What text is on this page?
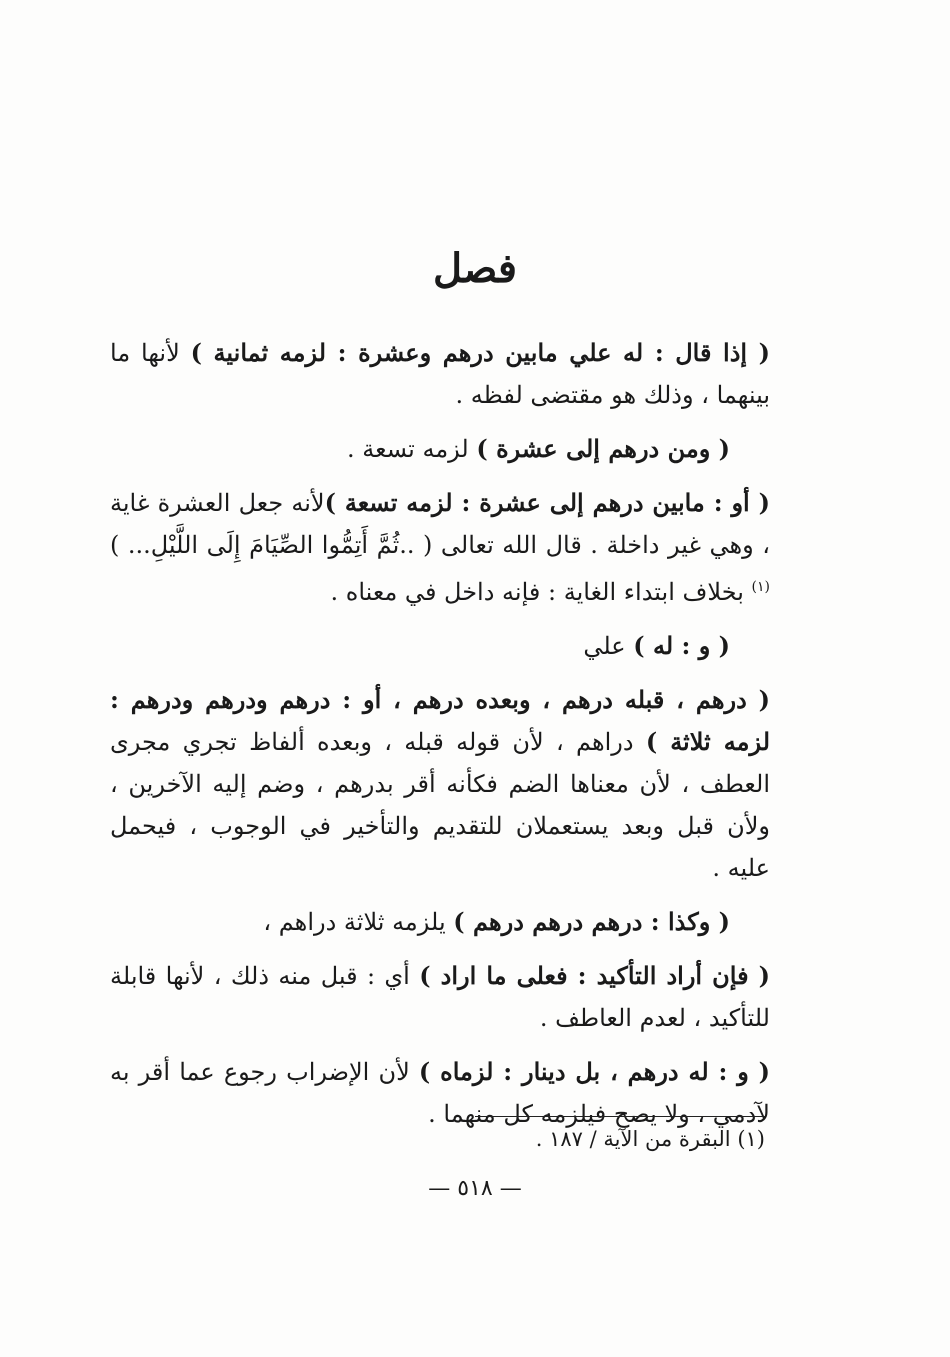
فصل

( إذا قال : له علي مابين درهم وعشرة : لزمه ثمانية ) لأنها ما بينهما ، وذلك هو مقتضى لفظه .

( ومن درهم إلى عشرة ) لزمه تسعة .

( أو : مابين درهم إلى عشرة : لزمه تسعة )لأنه جعل العشرة غاية ، وهي غير داخلة . قال الله تعالى ( ..ثُمَّ أَتِمُّوا الصِّيَامَ إِلَى اللَّيْلِ... )$^{(١)}$ بخلاف ابتداء الغاية : فإنه داخل في معناه .

( و : له ) علي

( درهم ، قبله درهم ، وبعده درهم ، أو : درهم ودرهم ودرهم : لزمه ثلاثة ) دراهم ، لأن قوله قبله ، وبعده ألفاظ تجري مجرى العطف ، لأن معناها الضم فكأنه أقر بدرهم ، وضم إليه الآخرين ، ولأن قبل وبعد يستعملان للتقديم والتأخير في الوجوب ، فيحمل عليه .

( وكذا : درهم درهم درهم ) يلزمه ثلاثة دراهم ،

( فإن أراد التأكيد : فعلى ما اراد ) أي : قبل منه ذلك ، لأنها قابلة للتأكيد ، لعدم العاطف .

( و : له درهم ، بل دينار : لزماه ) لأن الإضراب رجوع عما أقر به لآدمي ، ولا يصح فيلزمه كل منهما .

(١) البقرة من الآية / ١٨٧ .
— ٥١٨ —
